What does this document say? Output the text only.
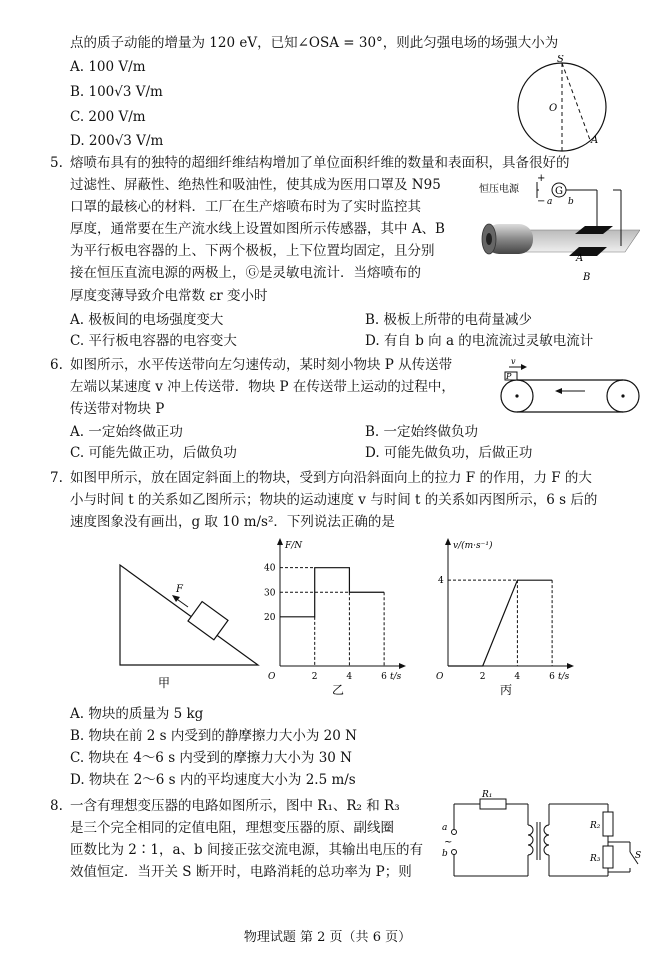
点的质子动能的增量为 120 eV，已知∠OSA = 30°，则此匀强电场的场强大小为
A. 100 V/m
B. 100√3 V/m
C. 200 V/m
D. 200√3 V/m
S
O
A
5. 熔喷布具有的独特的超细纤维结构增加了单位面积纤维的数量和表面积，具备很好的
过滤性、屏蔽性、绝热性和吸油性，使其成为医用口罩及 N95
口罩的最核心的材料．工厂在生产熔喷布时为了实时监控其
厚度，通常要在生产流水线上设置如图所示传感器，其中 A、B
为平行板电容器的上、下两个极板，上下位置均固定，且分别
接在恒压直流电源的两极上，Ⓖ是灵敏电流计．当熔喷布的
厚度变薄导致介电常数 εr 变小时
A. 极板间的电场强度变大	B. 极板上所带的电荷量减少
C. 平行板电容器的电容变大	D. 有自 b 向 a 的电流流过灵敏电流计
G
+
−
恒压电源
a b
A
B
6. 如图所示，水平传送带向左匀速传动，某时刻小物块 P 从传送带
左端以某速度 v 冲上传送带．物块 P 在传送带上运动的过程中，
传送带对物块 P
A. 一定始终做正功	B. 一定始终做负功
C. 可能先做正功，后做负功	D. 可能先做负功，后做正功
P
v
7. 如图甲所示，放在固定斜面上的物块，受到方向沿斜面向上的拉力 F 的作用，力 F 的大
小与时间 t 的关系如乙图所示；物块的运动速度 v 与时间 t 的关系如丙图所示，6 s 后的
速度图象没有画出，g 取 10 m/s²．下列说法正确的是
F
甲
F/N
t/s
O	2	4	6
20
30
40
乙
v/(m·s⁻¹)
t/s
O	2	4	6
4
丙
A. 物块的质量为 5 kg
B. 物块在前 2 s 内受到的静摩擦力大小为 20 N
C. 物块在 4～6 s 内受到的摩擦力大小为 30 N
D. 物块在 2～6 s 内的平均速度大小为 2.5 m/s
8. 一含有理想变压器的电路如图所示，图中 R₁、R₂ 和 R₃
是三个完全相同的定值电阻，理想变压器的原、副线圈
匝数比为 2∶1，a、b 间接正弦交流电源，其输出电压的有
效值恒定．当开关 S 断开时，电路消耗的总功率为 P；则
R₁
a
b
~
R₂
R₃	S
物理试题 第 2 页（共 6 页）
